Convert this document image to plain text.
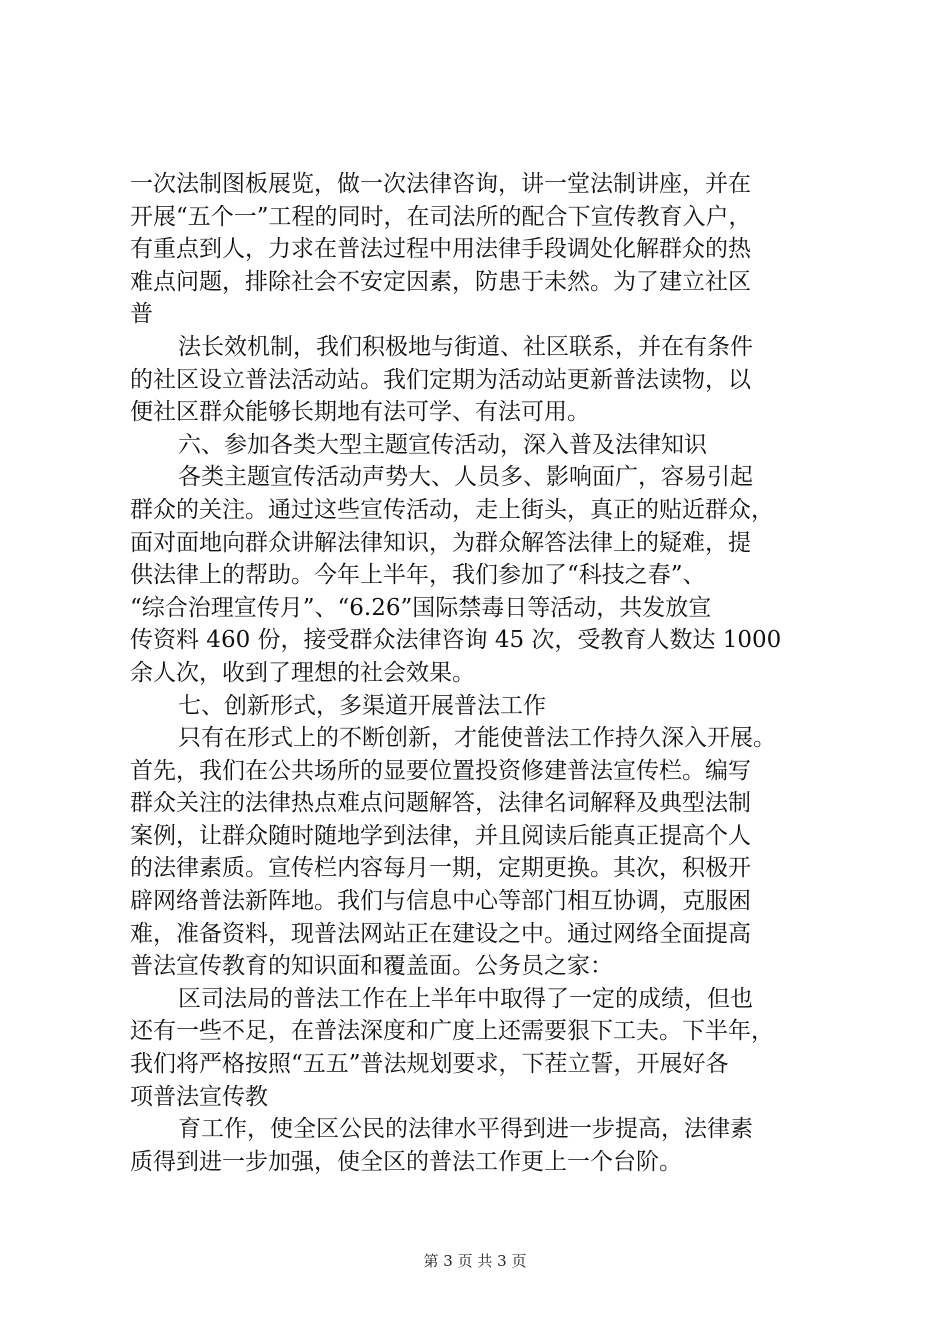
一次法制图板展览，做一次法律咨询，讲一堂法制讲座，并在
开展“五个一”工程的同时，在司法所的配合下宣传教育入户，
有重点到人，力求在普法过程中用法律手段调处化解群众的热
难点问题，排除社会不安定因素，防患于未然。为了建立社区
普
法长效机制，我们积极地与街道、社区联系，并在有条件
的社区设立普法活动站。我们定期为活动站更新普法读物，以
便社区群众能够长期地有法可学、有法可用。
六、参加各类大型主题宣传活动，深入普及法律知识
各类主题宣传活动声势大、人员多、影响面广，容易引起
群众的关注。通过这些宣传活动，走上街头，真正的贴近群众，
面对面地向群众讲解法律知识，为群众解答法律上的疑难，提
供法律上的帮助。今年上半年，我们参加了“科技之春”、
“综合治理宣传月”、“6.26”国际禁毒日等活动，共发放宣
传资料 460 份，接受群众法律咨询 45 次，受教育人数达 1000
余人次，收到了理想的社会效果。
七、创新形式，多渠道开展普法工作
只有在形式上的不断创新，才能使普法工作持久深入开展。
首先，我们在公共场所的显要位置投资修建普法宣传栏。编写
群众关注的法律热点难点问题解答，法律名词解释及典型法制
案例，让群众随时随地学到法律，并且阅读后能真正提高个人
的法律素质。宣传栏内容每月一期，定期更换。其次，积极开
辟网络普法新阵地。我们与信息中心等部门相互协调，克服困
难，准备资料，现普法网站正在建设之中。通过网络全面提高
普法宣传教育的知识面和覆盖面。公务员之家：
区司法局的普法工作在上半年中取得了一定的成绩，但也
还有一些不足，在普法深度和广度上还需要狠下工夫。下半年，
我们将严格按照“五五”普法规划要求，下茬立誓，开展好各
项普法宣传教
育工作，使全区公民的法律水平得到进一步提高，法律素
质得到进一步加强，使全区的普法工作更上一个台阶。
第 3 页 共 3 页
